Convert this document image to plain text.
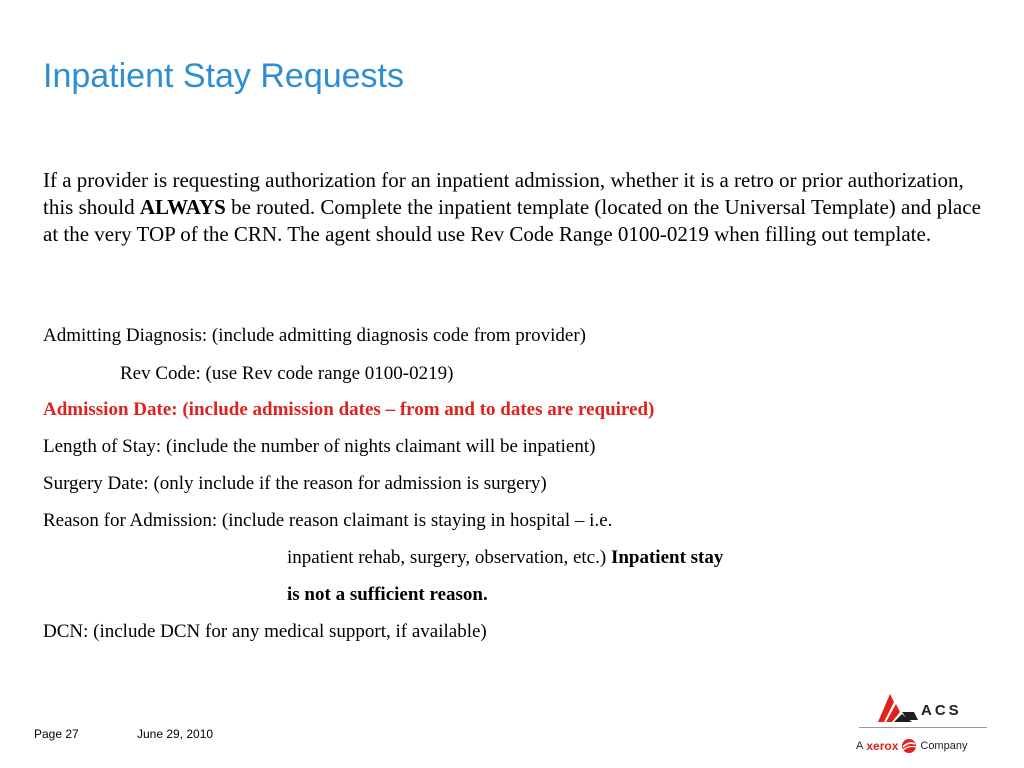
Inpatient Stay Requests
If a provider is requesting authorization for an inpatient admission, whether it is a retro or prior authorization, this should ALWAYS be routed. Complete the inpatient template (located on the Universal Template) and place at the very TOP of the CRN. The agent should use Rev Code Range 0100-0219 when filling out template.
Admitting Diagnosis: (include admitting diagnosis code from provider)
Rev Code: (use Rev code range 0100-0219)
Admission Date: (include admission dates – from and to dates are required)
Length of Stay: (include the number of nights claimant will be inpatient)
Surgery Date: (only include if the reason for admission is surgery)
Reason for Admission: (include reason claimant is staying in hospital – i.e.
inpatient rehab, surgery, observation, etc.) Inpatient stay
is not a sufficient reason.
DCN: (include DCN for any medical support, if available)
Page 27	June 29, 2010
ACS
A xerox Company
